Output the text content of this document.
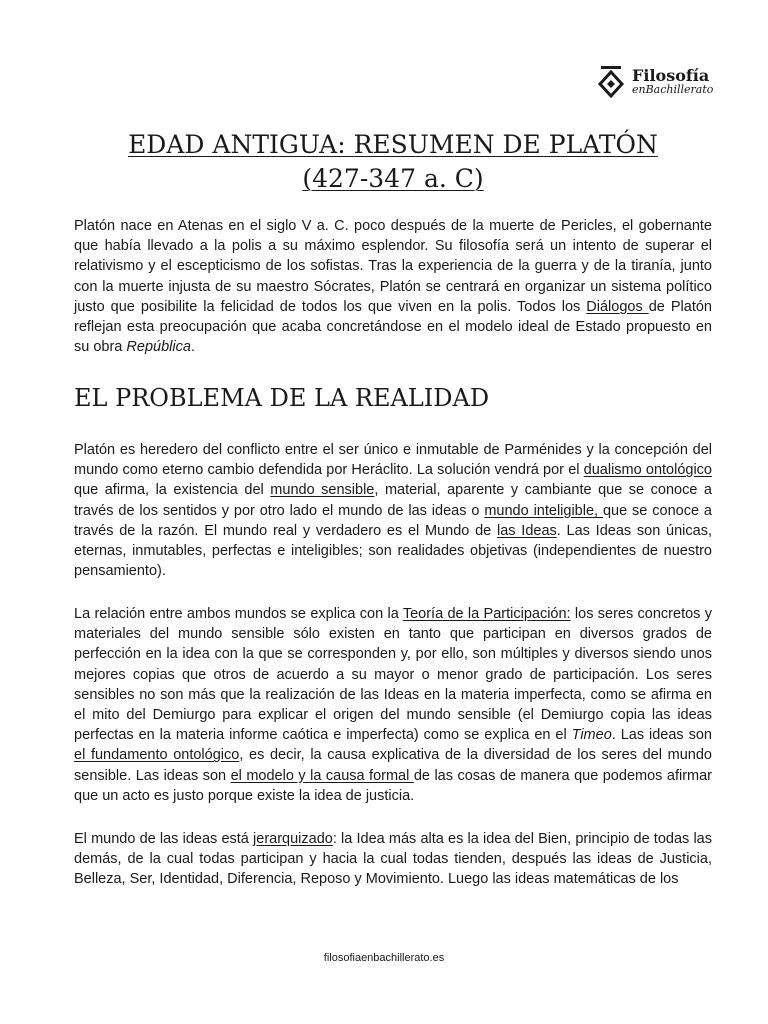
Filosofía
enBachillerato
EDAD ANTIGUA: RESUMEN DE PLATÓN
(427-347 a. C)

Platón nace en Atenas en el siglo V a. C. poco después de la muerte de Pericles, el gobernante que había llevado a la polis a su máximo esplendor. Su filosofía será un intento de superar el relativismo y el escepticismo de los sofistas. Tras la experiencia de la guerra y de la tiranía, junto con la muerte injusta de su maestro Sócrates, Platón se centrará en organizar un sistema político justo que posibilite la felicidad de todos los que viven en la polis. Todos los Diálogos de Platón reflejan esta preocupación que acaba concretándose en el modelo ideal de Estado propuesto en su obra República.

EL PROBLEMA DE LA REALIDAD

Platón es heredero del conflicto entre el ser único e inmutable de Parménides y la concepción del mundo como eterno cambio defendida por Heráclito. La solución vendrá por el dualismo ontológico que afirma, la existencia del mundo sensible, material, aparente y cambiante que se conoce a través de los sentidos y por otro lado el mundo de las ideas o mundo inteligible, que se conoce a través de la razón. El mundo real y verdadero es el Mundo de las Ideas. Las Ideas son únicas, eternas, inmutables, perfectas e inteligibles; son realidades objetivas (independientes de nuestro pensamiento).

La relación entre ambos mundos se explica con la Teoría de la Participación: los seres concretos y materiales del mundo sensible sólo existen en tanto que participan en diversos grados de perfección en la idea con la que se corresponden y, por ello, son múltiples y diversos siendo unos mejores copias que otros de acuerdo a su mayor o menor grado de participación. Los seres sensibles no son más que la realización de las Ideas en la materia imperfecta, como se afirma en el mito del Demiurgo para explicar el origen del mundo sensible (el Demiurgo copia las ideas perfectas en la materia informe caótica e imperfecta) como se explica en el Timeo. Las ideas son el fundamento ontológico, es decir, la causa explicativa de la diversidad de los seres del mundo sensible. Las ideas son el modelo y la causa formal de las cosas de manera que podemos afirmar que un acto es justo porque existe la idea de justicia.

El mundo de las ideas está jerarquizado: la Idea más alta es la idea del Bien, principio de todas las demás, de la cual todas participan y hacia la cual todas tienden, después las ideas de Justicia, Belleza, Ser, Identidad, Diferencia, Reposo y Movimiento. Luego las ideas matemáticas de los

filosofiaenbachillerato.es
